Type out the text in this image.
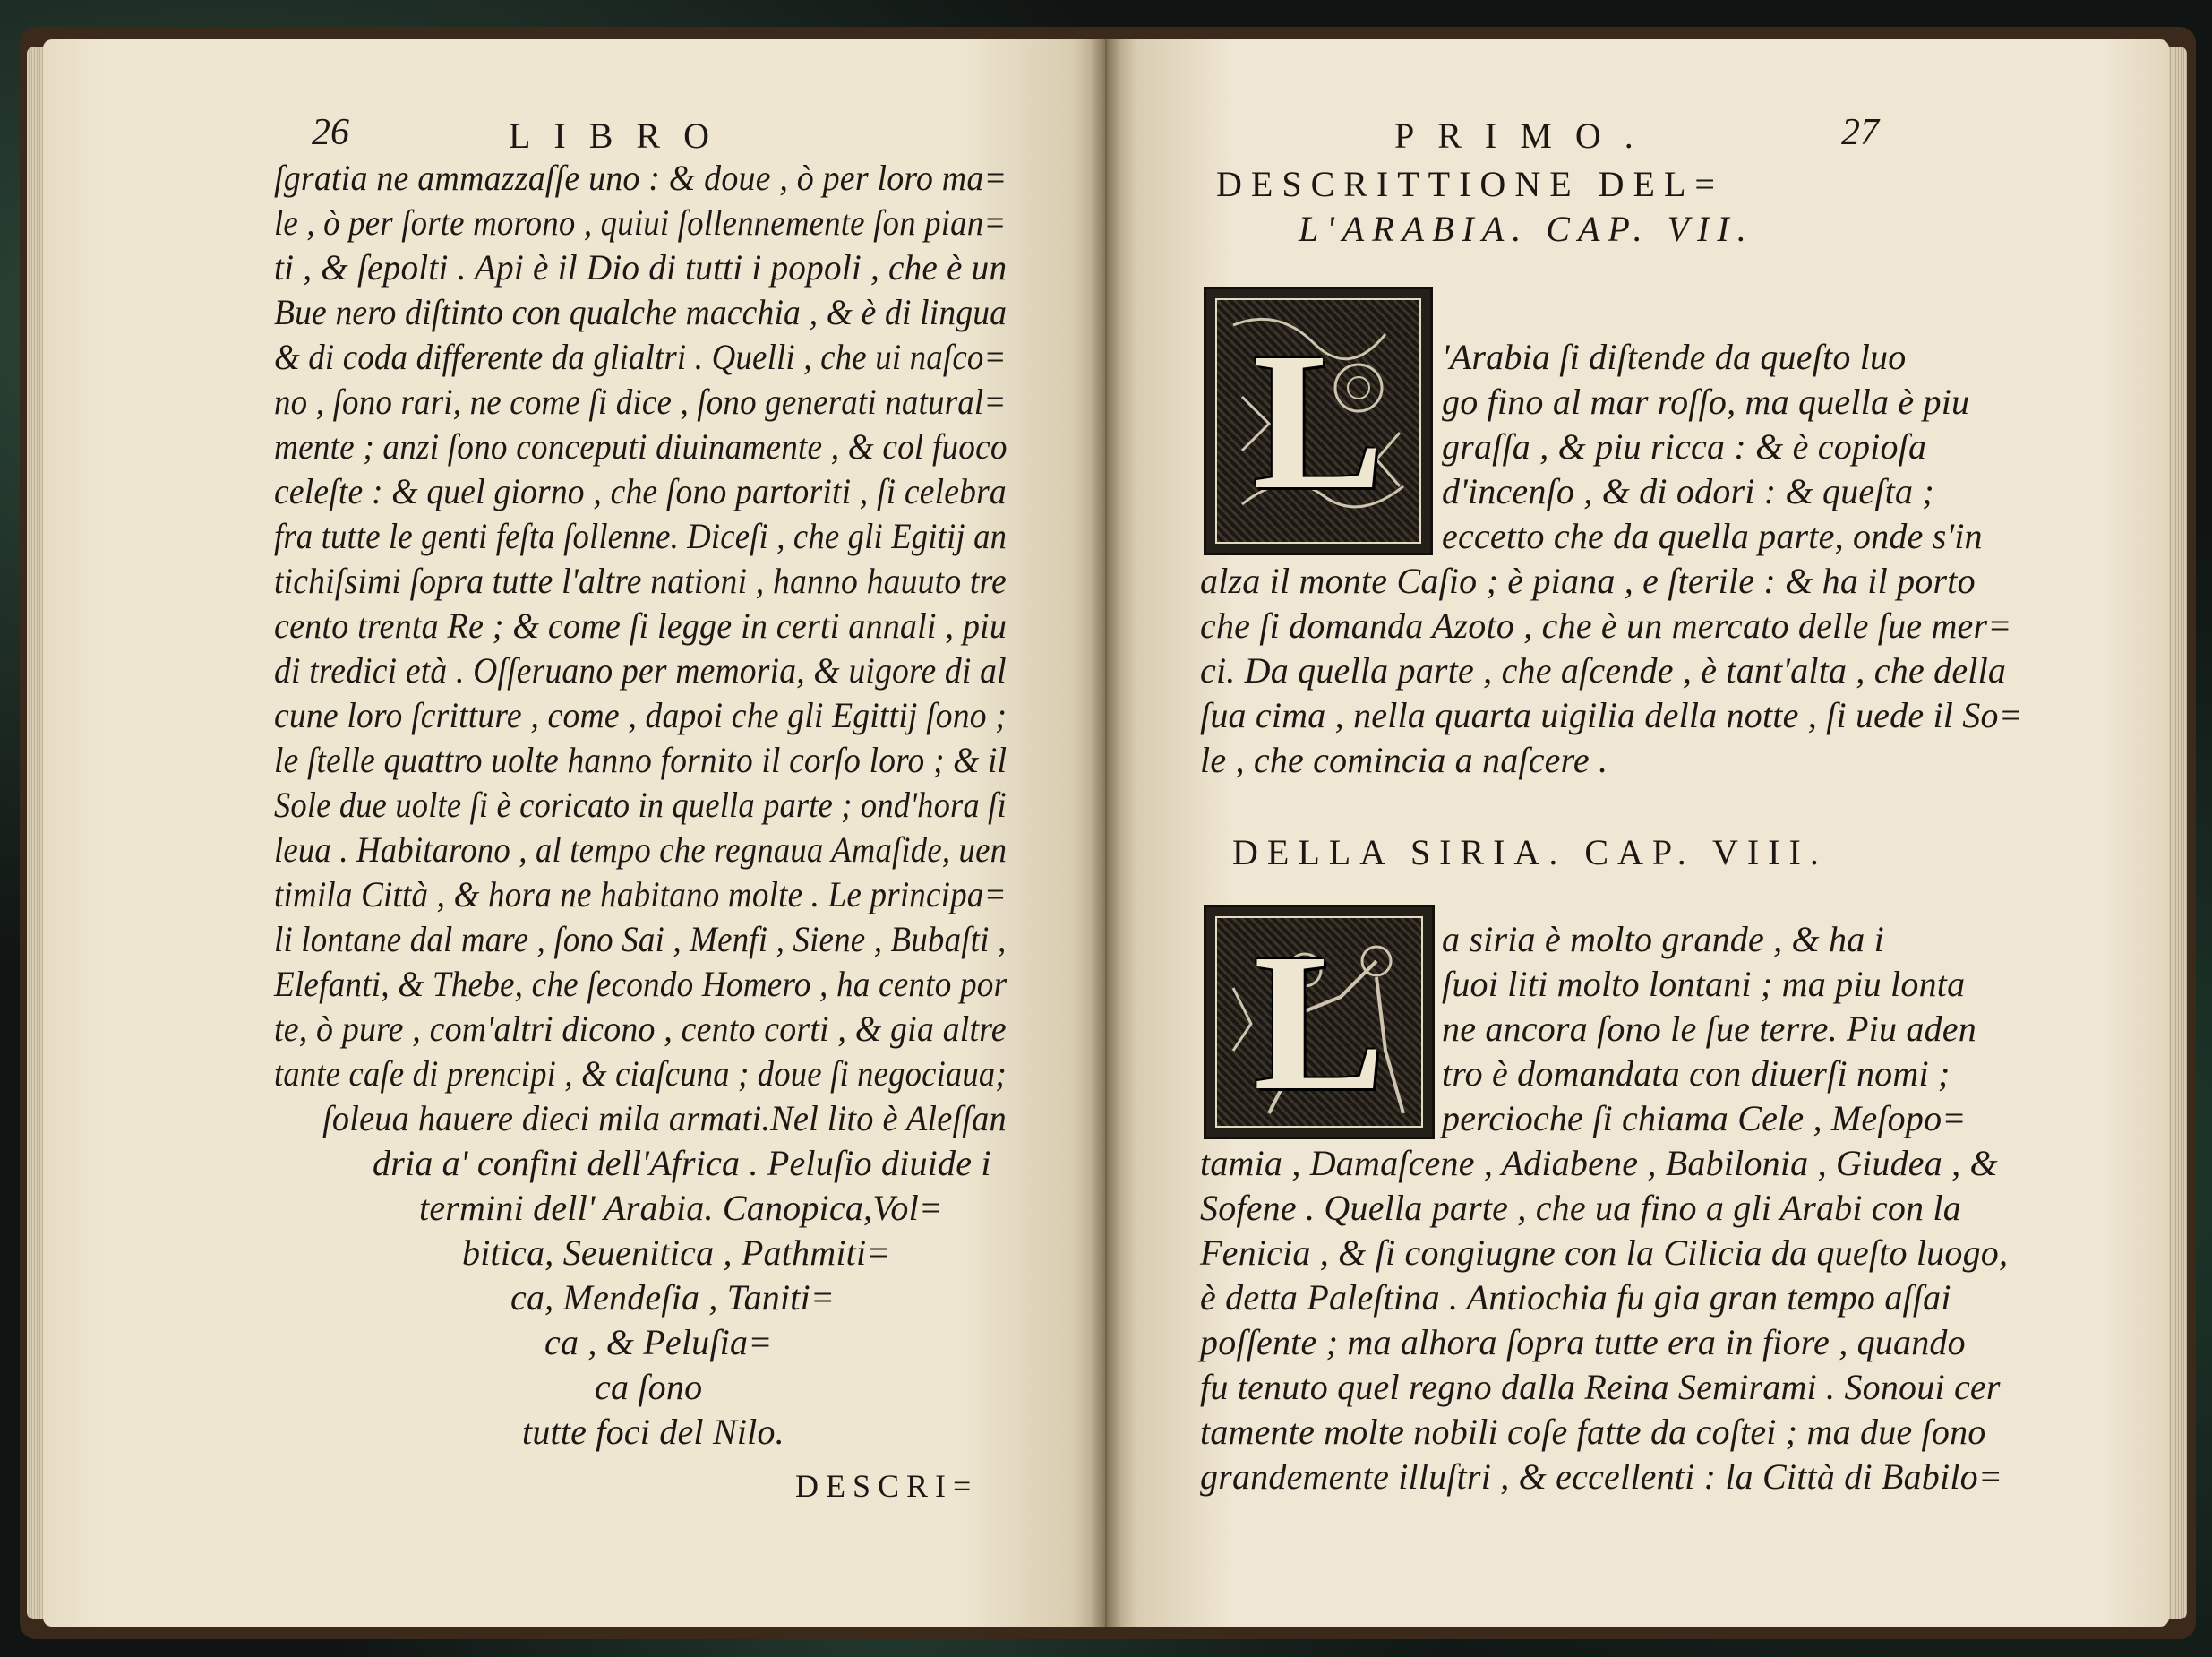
26	LIBRO
ſgratia ne ammazzaſſe uno : & doue , ò per loro ma=
le , ò per ſorte morono , quiui ſollennemente ſon pian=
ti , & ſepolti . Api è il Dio di tutti i popoli , che è un
Bue nero diſtinto con qualche macchia , & è di lingua
& di coda differente da glialtri . Quelli , che ui naſco=
no , ſono rari, ne come ſi dice , ſono generati natural=
mente ; anzi ſono conceputi diuinamente , & col fuoco
celeſte : & quel giorno , che ſono partoriti , ſi celebra
fra tutte le genti feſta ſollenne. Diceſi , che gli Egitij an
tichiſsimi ſopra tutte l'altre nationi , hanno hauuto tre
cento trenta Re ; & come ſi legge in certi annali , piu
di tredici età . Oſſeruano per memoria, & uigore di al
cune loro ſcritture , come , dapoi che gli Egittij ſono ;
le ſtelle quattro uolte hanno fornito il corſo loro ; & il
Sole due uolte ſi è coricato in quella parte ; ond'hora ſi
leua . Habitarono , al tempo che regnaua Amaſide, uen
timila Città , & hora ne habitano molte . Le principa=
li lontane dal mare , ſono Sai , Menfi , Siene , Bubaſti ,
Elefanti, & Thebe, che ſecondo Homero , ha cento por
te, ò pure , com'altri dicono , cento corti , & gia altre
tante caſe di prencipi , & ciaſcuna ; doue ſi negociaua;
ſoleua hauere dieci mila armati.Nel lito è Aleſſan
dria a' confini dell'Africa . Peluſio diuide i
termini dell' Arabia. Canopica,Vol=
bitica, Seuenitica , Pathmiti=
ca, Mendeſia , Taniti=
ca , & Peluſia=
ca ſono
tutte foci del Nilo.
DESCRI=
PRIMO.	27
DESCRITTIONE DEL=
L'ARABIA. CAP. VII.
L	'Arabia ſi diſtende da queſto luo
go fino al mar roſſo, ma quella è piu
graſſa , & piu ricca : & è copioſa
d'incenſo , & di odori : & queſta ;
eccetto che da quella parte, onde s'in
alza il monte Caſio ; è piana , e ſterile : & ha il porto
che ſi domanda Azoto , che è un mercato delle ſue mer=
ci. Da quella parte , che aſcende , è tant'alta , che della
ſua cima , nella quarta uigilia della notte , ſi uede il So=
le , che comincia a naſcere .
DELLA SIRIA. CAP. VIII.
L	a siria è molto grande , & ha i
ſuoi liti molto lontani ; ma piu lonta
ne ancora ſono le ſue terre. Piu aden
tro è domandata con diuerſi nomi ;
percioche ſi chiama Cele , Meſopo=
tamia , Damaſcene , Adiabene , Babilonia , Giudea , &
Sofene . Quella parte , che ua fino a gli Arabi con la
Fenicia , & ſi congiugne con la Cilicia da queſto luogo,
è detta Paleſtina . Antiochia fu gia gran tempo aſſai
poſſente ; ma alhora ſopra tutte era in fiore , quando
fu tenuto quel regno dalla Reina Semirami . Sonoui cer
tamente molte nobili coſe fatte da coſtei ; ma due ſono
grandemente illuſtri , & eccellenti : la Città di Babilo=
